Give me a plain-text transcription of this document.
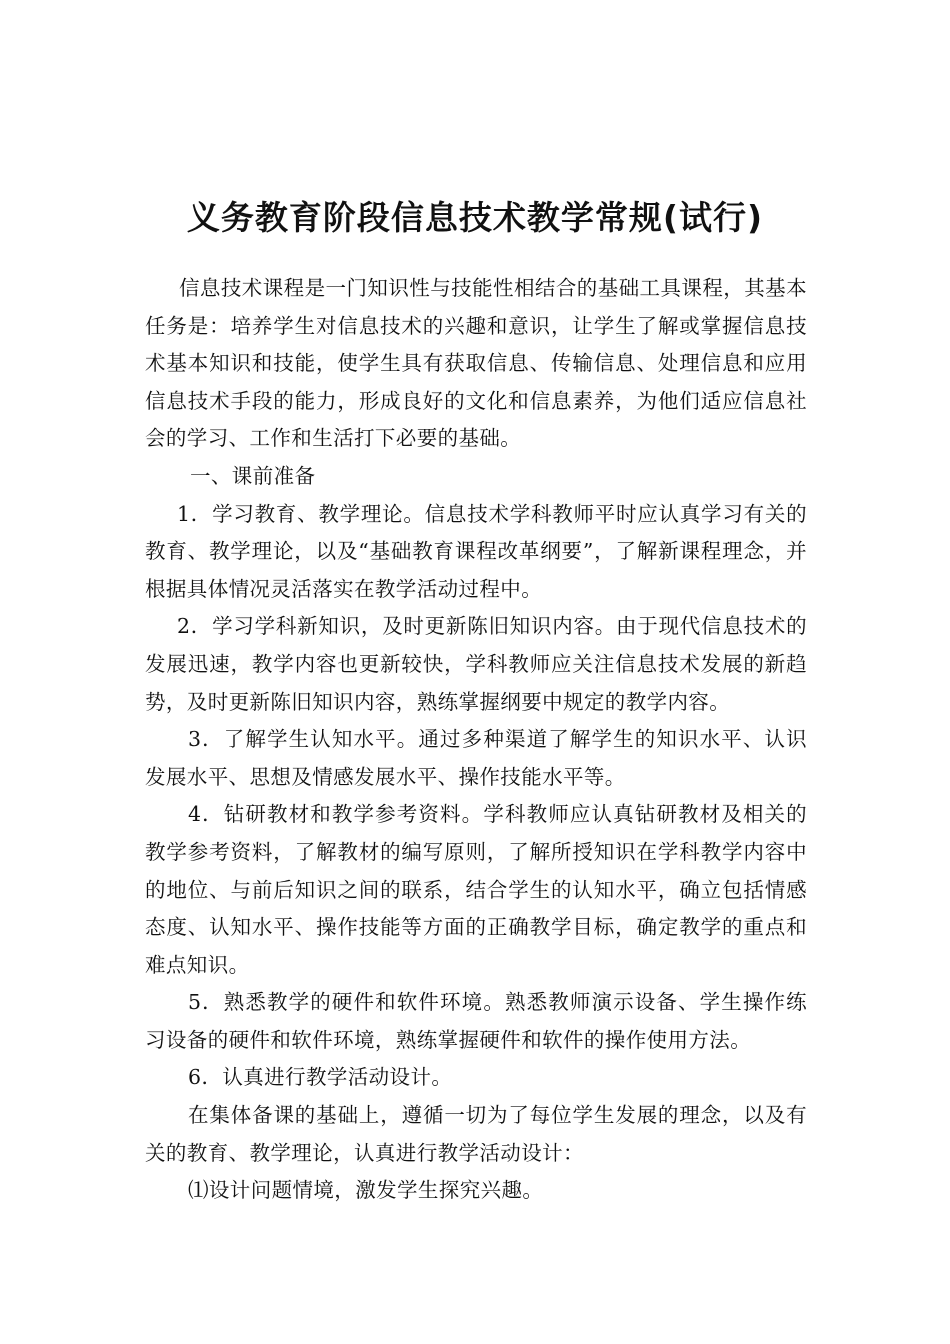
义务教育阶段信息技术教学常规(试行)

信息技术课程是一门知识性与技能性相结合的基础工具课程，其基本任务是：培养学生对信息技术的兴趣和意识，让学生了解或掌握信息技术基本知识和技能，使学生具有获取信息、传输信息、处理信息和应用信息技术手段的能力，形成良好的文化和信息素养，为他们适应信息社会的学习、工作和生活打下必要的基础。

一、课前准备

1．学习教育、教学理论。信息技术学科教师平时应认真学习有关的教育、教学理论，以及“基础教育课程改革纲要”，了解新课程理念，并根据具体情况灵活落实在教学活动过程中。

2．学习学科新知识，及时更新陈旧知识内容。由于现代信息技术的发展迅速，教学内容也更新较快，学科教师应关注信息技术发展的新趋势，及时更新陈旧知识内容，熟练掌握纲要中规定的教学内容。

3．了解学生认知水平。通过多种渠道了解学生的知识水平、认识发展水平、思想及情感发展水平、操作技能水平等。

4．钻研教材和教学参考资料。学科教师应认真钻研教材及相关的教学参考资料，了解教材的编写原则，了解所授知识在学科教学内容中的地位、与前后知识之间的联系，结合学生的认知水平，确立包括情感态度、认知水平、操作技能等方面的正确教学目标，确定教学的重点和难点知识。

5．熟悉教学的硬件和软件环境。熟悉教师演示设备、学生操作练习设备的硬件和软件环境，熟练掌握硬件和软件的操作使用方法。

6．认真进行教学活动设计。

在集体备课的基础上，遵循一切为了每位学生发展的理念，以及有关的教育、教学理论，认真进行教学活动设计：

⑴设计问题情境，激发学生探究兴趣。
